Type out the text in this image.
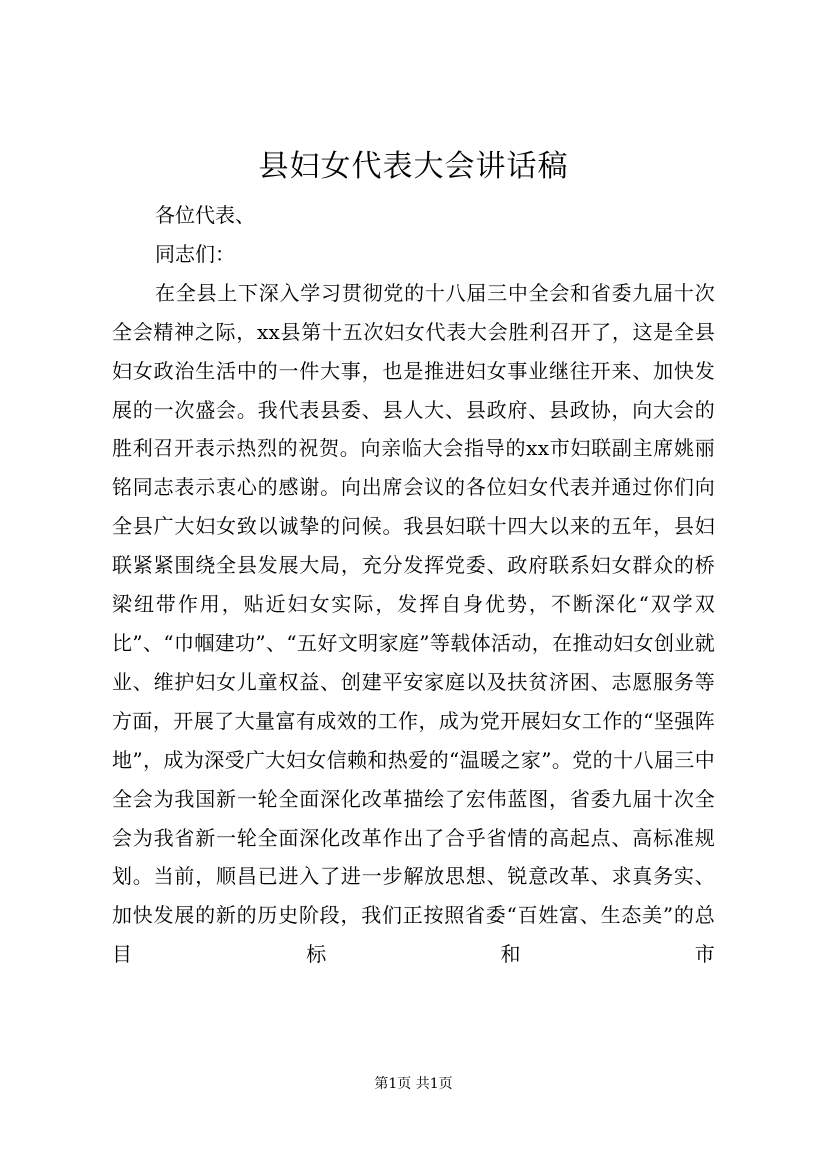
县妇女代表大会讲话稿

各位代表、

同志们：

在全县上下深入学习贯彻党的十八届三中全会和省委九届十次全会精神之际，xx县第十五次妇女代表大会胜利召开了，这是全县妇女政治生活中的一件大事，也是推进妇女事业继往开来、加快发展的一次盛会。我代表县委、县人大、县政府、县政协，向大会的胜利召开表示热烈的祝贺。向亲临大会指导的xx市妇联副主席姚丽铭同志表示衷心的感谢。向出席会议的各位妇女代表并通过你们向全县广大妇女致以诚挚的问候。我县妇联十四大以来的五年，县妇联紧紧围绕全县发展大局，充分发挥党委、政府联系妇女群众的桥梁纽带作用，贴近妇女实际，发挥自身优势，不断深化“双学双比”、“巾帼建功”、“五好文明家庭”等载体活动，在推动妇女创业就业、维护妇女儿童权益、创建平安家庭以及扶贫济困、志愿服务等方面，开展了大量富有成效的工作，成为党开展妇女工作的“坚强阵地”，成为深受广大妇女信赖和热爱的“温暖之家”。党的十八届三中全会为我国新一轮全面深化改革描绘了宏伟蓝图，省委九届十次全会为我省新一轮全面深化改革作出了合乎省情的高起点、高标准规划。当前，顺昌已进入了进一步解放思想、锐意改革、求真务实、加快发展的新的历史阶段，我们正按照省委“百姓富、生态美”的总目标和市

第1页 共1页
